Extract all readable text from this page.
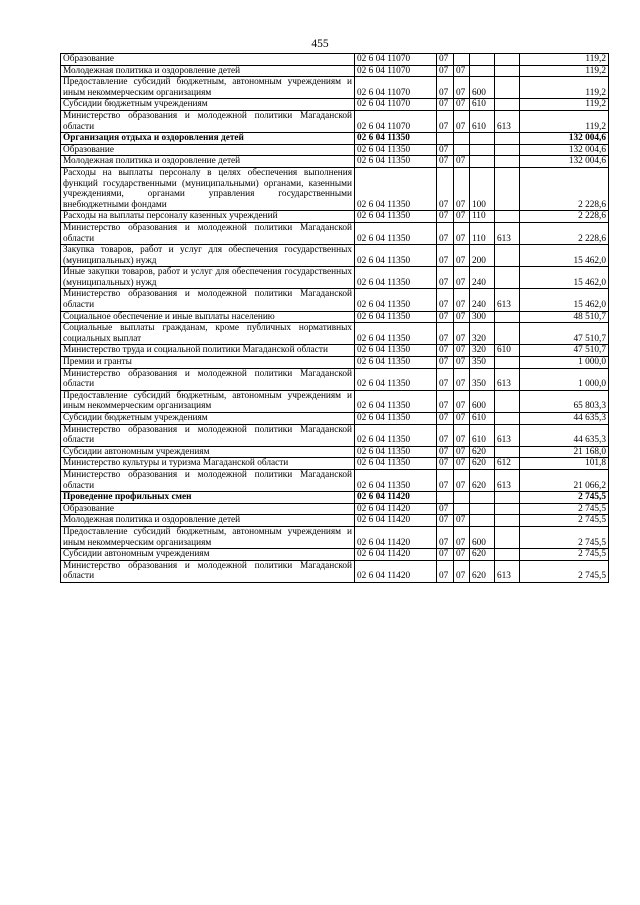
455
Образование	02 6 04 11070	07				119,2
Молодежная политика и оздоровление детей	02 6 04 11070	07	07			119,2
Предоставление субсидий бюджетным, автономным учреждениям и иным некоммерческим организациям	02 6 04 11070	07	07	600		119,2
Субсидии бюджетным учреждениям	02 6 04 11070	07	07	610		119,2
Министерство образования и молодежной политики Магаданской области	02 6 04 11070	07	07	610	613	119,2
Организация отдыха и оздоровления детей	02 6 04 11350					132 004,6
Образование	02 6 04 11350	07				132 004,6
Молодежная политика и оздоровление детей	02 6 04 11350	07	07			132 004,6
Расходы на выплаты персоналу в целях обеспечения выполнения функций государственными (муниципальными) органами, казенными учреждениями, органами управления государственными внебюджетными фондами	02 6 04 11350	07	07	100		2 228,6
Расходы на выплаты персоналу казенных учреждений	02 6 04 11350	07	07	110		2 228,6
Министерство образования и молодежной политики Магаданской области	02 6 04 11350	07	07	110	613	2 228,6
Закупка товаров, работ и услуг для обеспечения государственных (муниципальных) нужд	02 6 04 11350	07	07	200		15 462,0
Иные закупки товаров, работ и услуг для обеспечения государственных (муниципальных) нужд	02 6 04 11350	07	07	240		15 462,0
Министерство образования и молодежной политики Магаданской области	02 6 04 11350	07	07	240	613	15 462,0
Социальное обеспечение и иные выплаты населению	02 6 04 11350	07	07	300		48 510,7
Социальные выплаты гражданам, кроме публичных нормативных социальных выплат	02 6 04 11350	07	07	320		47 510,7
Министерство труда и социальной политики Магаданской области	02 6 04 11350	07	07	320	610	47 510,7
Премии и гранты	02 6 04 11350	07	07	350		1 000,0
Министерство образования и молодежной политики Магаданской области	02 6 04 11350	07	07	350	613	1 000,0
Предоставление субсидий бюджетным, автономным учреждениям и иным некоммерческим организациям	02 6 04 11350	07	07	600		65 803,3
Субсидии бюджетным учреждениям	02 6 04 11350	07	07	610		44 635,3
Министерство образования и молодежной политики Магаданской области	02 6 04 11350	07	07	610	613	44 635,3
Субсидии автономным учреждениям	02 6 04 11350	07	07	620		21 168,0
Министерство культуры и туризма Магаданской области	02 6 04 11350	07	07	620	612	101,8
Министерство образования и молодежной политики Магаданской области	02 6 04 11350	07	07	620	613	21 066,2
Проведение профильных смен	02 6 04 11420					2 745,5
Образование	02 6 04 11420	07				2 745,5
Молодежная политика и оздоровление детей	02 6 04 11420	07	07			2 745,5
Предоставление субсидий бюджетным, автономным учреждениям и иным некоммерческим организациям	02 6 04 11420	07	07	600		2 745,5
Субсидии автономным учреждениям	02 6 04 11420	07	07	620		2 745,5
Министерство образования и молодежной политики Магаданской области	02 6 04 11420	07	07	620	613	2 745,5
